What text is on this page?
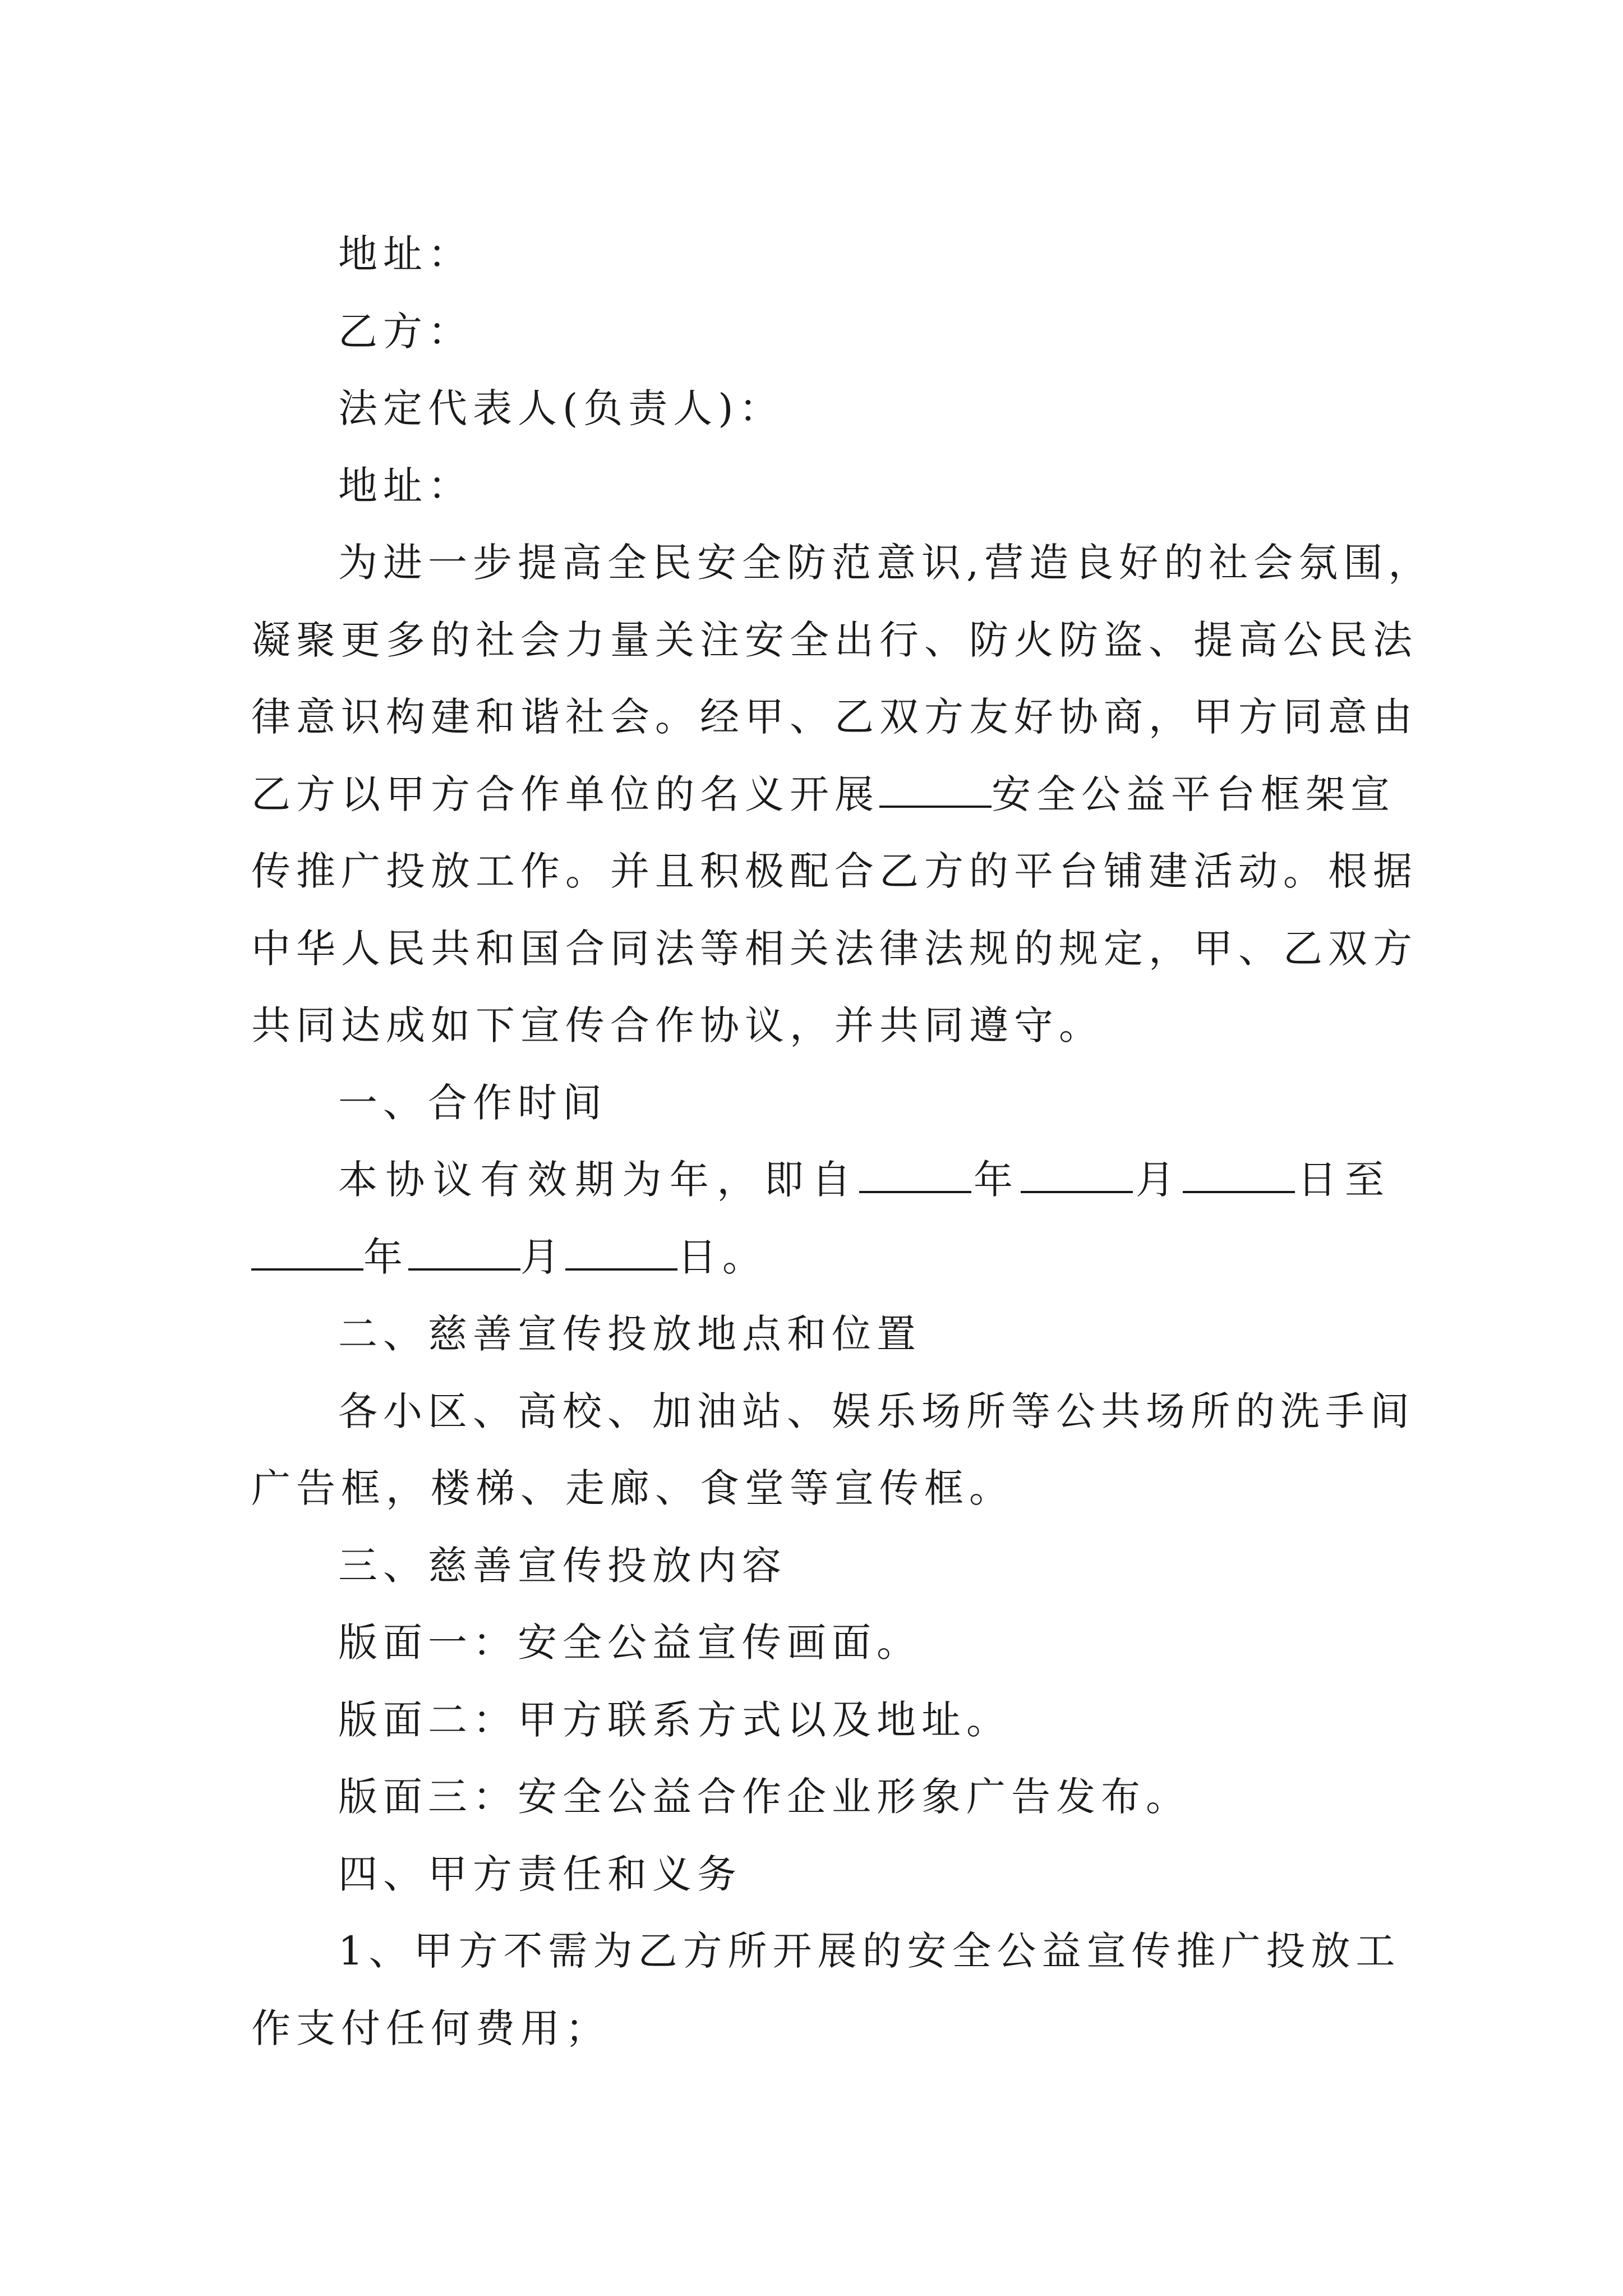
地址：
乙方：
法定代表人(负责人)：
地址：
为进一步提高全民安全防范意识,营造良好的社会氛围，
凝聚更多的社会力量关注安全出行、防火防盗、提高公民法
律意识构建和谐社会。经甲、乙双方友好协商，甲方同意由
乙方以甲方合作单位的名义开展	安全公益平台框架宣
传推广投放工作。并且积极配合乙方的平台铺建活动。根据
中华人民共和国合同法等相关法律法规的规定，甲、乙双方
共同达成如下宣传合作协议，并共同遵守。
一、合作时间
本协议有效期为年，即自	年	月	日至
年	月	日。
二、慈善宣传投放地点和位置
各小区、高校、加油站、娱乐场所等公共场所的洗手间
广告框，楼梯、走廊、食堂等宣传框。
三、慈善宣传投放内容
版面一：安全公益宣传画面。
版面二：甲方联系方式以及地址。
版面三：安全公益合作企业形象广告发布。
四、甲方责任和义务
1、甲方不需为乙方所开展的安全公益宣传推广投放工
作支付任何费用；
